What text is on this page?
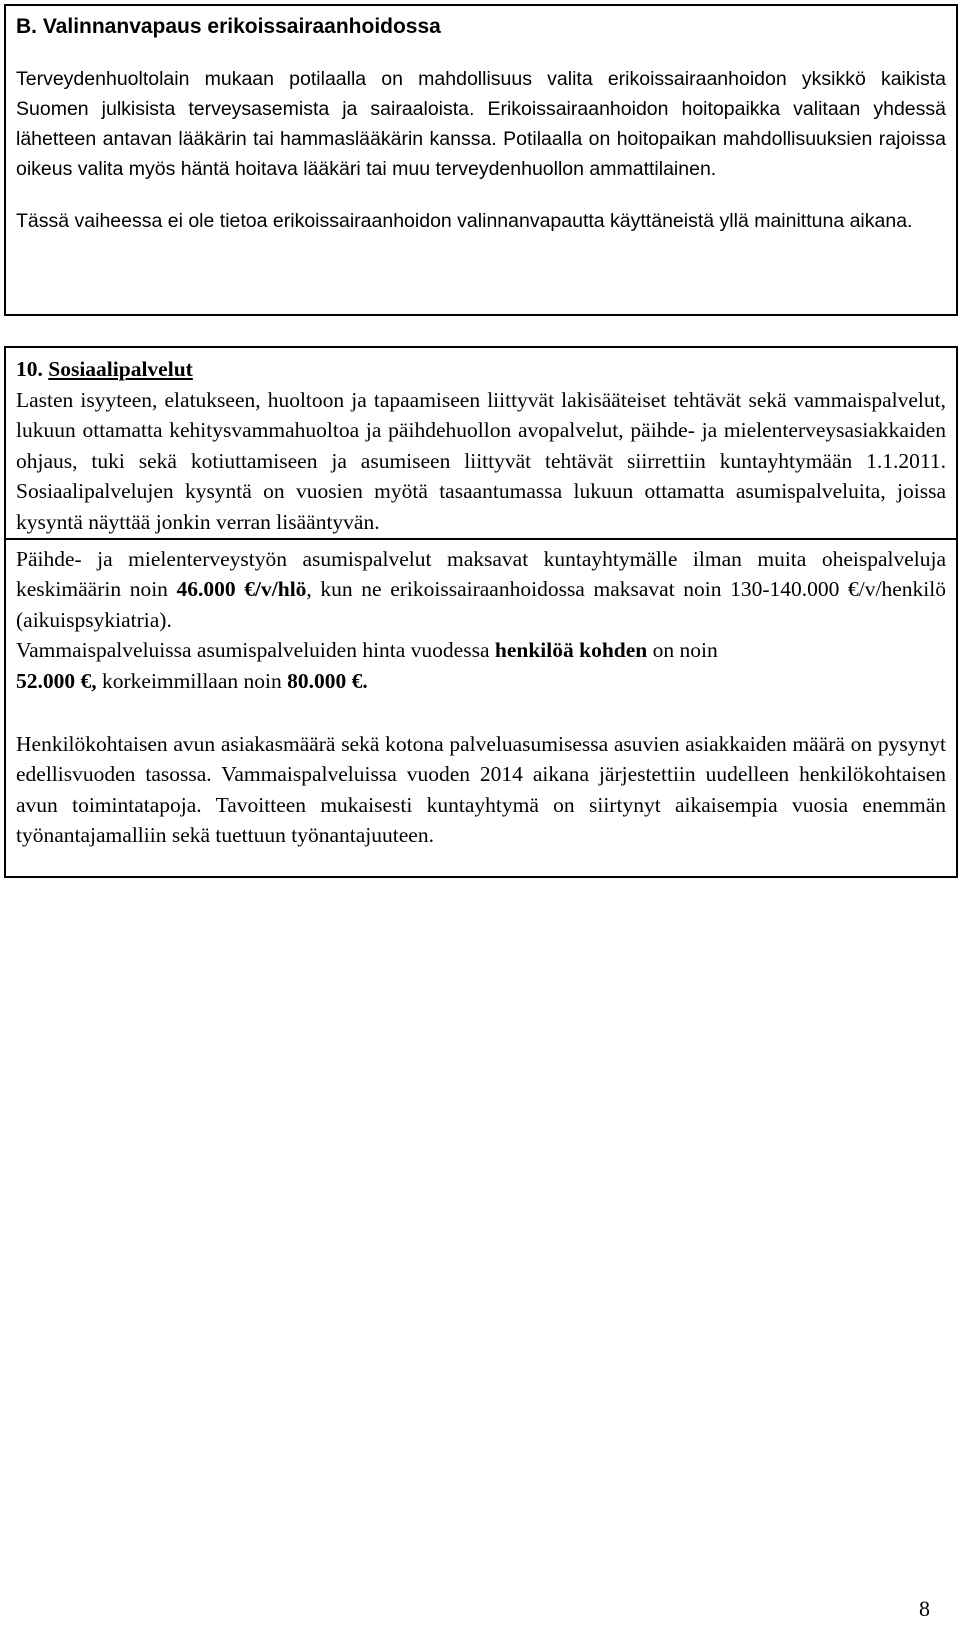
B. Valinnanvapaus erikoissairaanhoidossa

Terveydenhuoltolain mukaan potilaalla on mahdollisuus valita erikoissairaanhoidon yksikkö kaikista Suomen julkisista terveysasemista ja sairaaloista. Erikoissairaanhoidon hoitopaikka valitaan yhdessä lähetteen antavan lääkärin tai hammaslääkärin kanssa. Potilaalla on hoitopaikan mahdollisuuksien rajoissa oikeus valita myös häntä hoitava lääkäri tai muu terveydenhuollon ammattilainen.

Tässä vaiheessa ei ole tietoa erikoissairaanhoidon valinnanvapautta käyttäneistä yllä mainittuna aikana.

10. Sosiaalipalvelut

Lasten isyyteen, elatukseen, huoltoon ja tapaamiseen liittyvät lakisääteiset tehtävät sekä vammaispalvelut, lukuun ottamatta kehitysvammahuoltoa ja päihdehuollon avopalvelut, päihde- ja mielenterveysasiakkaiden ohjaus, tuki sekä kotiuttamiseen ja asumiseen liittyvät tehtävät siirrettiin kuntayhtymään 1.1.2011. Sosiaalipalvelujen kysyntä on vuosien myötä tasaantumassa lukuun ottamatta asumispalveluita, joissa kysyntä näyttää jonkin verran lisääntyvän.

Päihde- ja mielenterveystyön asumispalvelut maksavat kuntayhtymälle ilman muita oheispalveluja keskimäärin noin 46.000 €/v/hlö, kun ne erikoissairaanhoidossa maksavat noin 130-140.000 €/v/henkilö (aikuispsykiatria).

Vammaispalveluissa asumispalveluiden hinta vuodessa henkilöä kohden on noin
52.000 €, korkeimmillaan noin 80.000 €.

Henkilökohtaisen avun asiakasmäärä sekä kotona palveluasumisessa asuvien asiakkaiden määrä on pysynyt edellisvuoden tasossa. Vammaispalveluissa vuoden 2014 aikana järjestettiin uudelleen henkilökohtaisen avun toimintatapoja. Tavoitteen mukaisesti kuntayhtymä on siirtynyt aikaisempia vuosia enemmän työnantajamalliin sekä tuettuun työnantajuuteen.

8
